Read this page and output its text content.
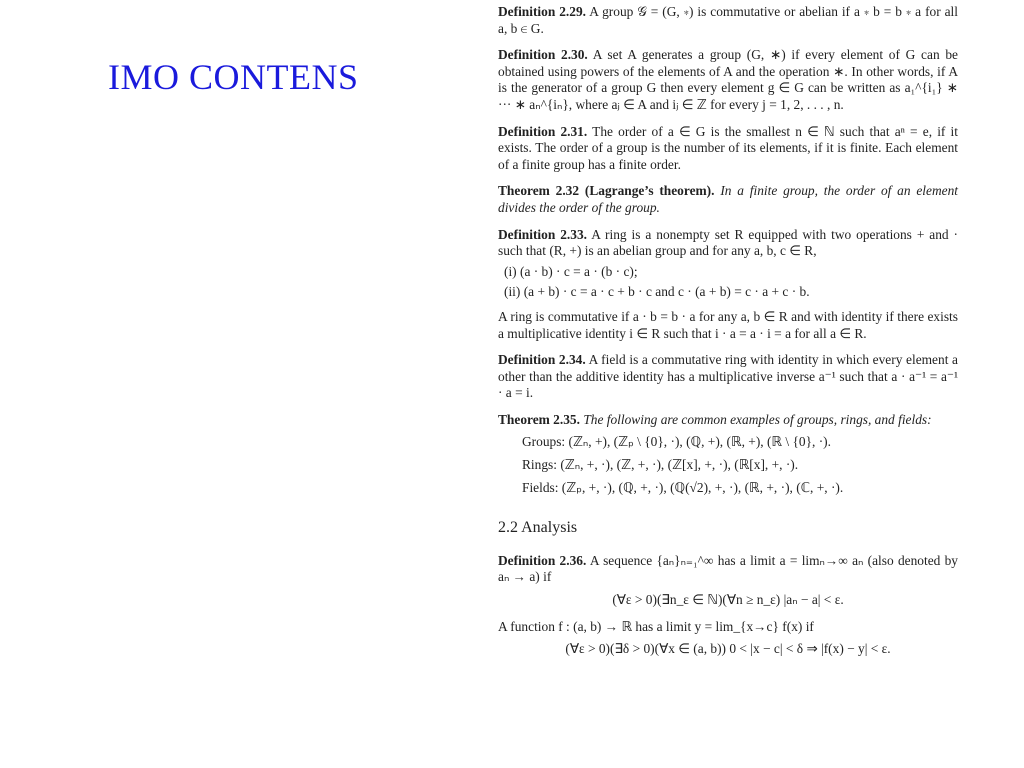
IMO CONTENS

Definition 2.29. A group 𝒢 = (G, ∗) is commutative or abelian if a ∗ b = b ∗ a for all a, b ∈ G.

Definition 2.30. A set A generates a group (G, ∗) if every element of G can be obtained using powers of the elements of A and the operation ∗. In other words, if A is the generator of a group G then every element g ∈ G can be written as a₁^{i₁} ∗ ··· ∗ aₙ^{iₙ}, where aⱼ ∈ A and iⱼ ∈ ℤ for every j = 1, 2, . . . , n.

Definition 2.31. The order of a ∈ G is the smallest n ∈ ℕ such that aⁿ = e, if it exists. The order of a group is the number of its elements, if it is finite. Each element of a finite group has a finite order.

Theorem 2.32 (Lagrange’s theorem). In a finite group, the order of an element divides the order of the group.

Definition 2.33. A ring is a nonempty set R equipped with two operations + and · such that (R, +) is an abelian group and for any a, b, c ∈ R,

(i) (a · b) · c = a · (b · c);
(ii) (a + b) · c = a · c + b · c and c · (a + b) = c · a + c · b.

A ring is commutative if a · b = b · a for any a, b ∈ R and with identity if there exists a multiplicative identity i ∈ R such that i · a = a · i = a for all a ∈ R.

Definition 2.34. A field is a commutative ring with identity in which every element a other than the additive identity has a multiplicative inverse a⁻¹ such that a · a⁻¹ = a⁻¹ · a = i.

Theorem 2.35. The following are common examples of groups, rings, and fields:

Groups: (ℤₙ, +), (ℤₚ \ {0}, ·), (ℚ, +), (ℝ, +), (ℝ \ {0}, ·).
Rings: (ℤₙ, +, ·), (ℤ, +, ·), (ℤ[x], +, ·), (ℝ[x], +, ·).
Fields: (ℤₚ, +, ·), (ℚ, +, ·), (ℚ(√2), +, ·), (ℝ, +, ·), (ℂ, +, ·).
2.2 Analysis

Definition 2.36. A sequence {aₙ}ₙ₌₁^∞ has a limit a = limₙ→∞ aₙ (also denoted by aₙ → a) if

(∀ε > 0)(∃n_ε ∈ ℕ)(∀n ≥ n_ε) |aₙ − a| < ε.

A function f : (a, b) → ℝ has a limit y = lim_{x→c} f(x) if

(∀ε > 0)(∃δ > 0)(∀x ∈ (a, b)) 0 < |x − c| < δ ⇒ |f(x) − y| < ε.
